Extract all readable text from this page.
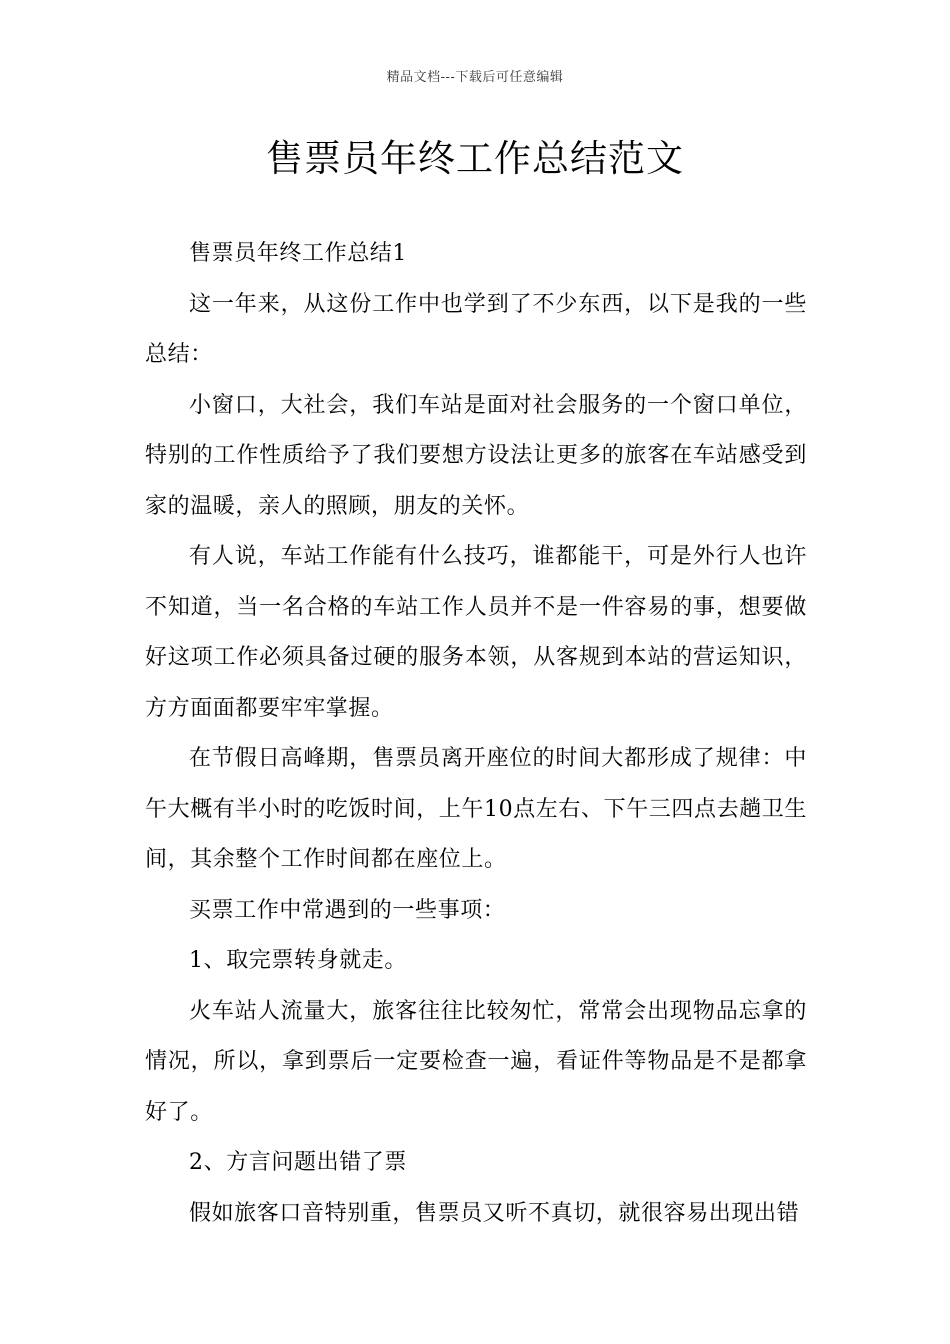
精品文档---下载后可任意编辑
售票员年终工作总结范文

售票员年终工作总结1

这一年来，从这份工作中也学到了不少东西，以下是我的一些总结：

小窗口，大社会，我们车站是面对社会服务的一个窗口单位，特别的工作性质给予了我们要想方设法让更多的旅客在车站感受到家的温暖，亲人的照顾，朋友的关怀。

有人说，车站工作能有什么技巧，谁都能干，可是外行人也许不知道，当一名合格的车站工作人员并不是一件容易的事，想要做好这项工作必须具备过硬的服务本领，从客规到本站的营运知识，方方面面都要牢牢掌握。

在节假日高峰期，售票员离开座位的时间大都形成了规律：中午大概有半小时的吃饭时间，上午10点左右、下午三四点去趟卫生间，其余整个工作时间都在座位上。

买票工作中常遇到的一些事项：

1、取完票转身就走。

火车站人流量大，旅客往往比较匆忙，常常会出现物品忘拿的情况，所以，拿到票后一定要检查一遍，看证件等物品是不是都拿好了。

2、方言问题出错了票

假如旅客口音特别重，售票员又听不真切，就很容易出现出错
